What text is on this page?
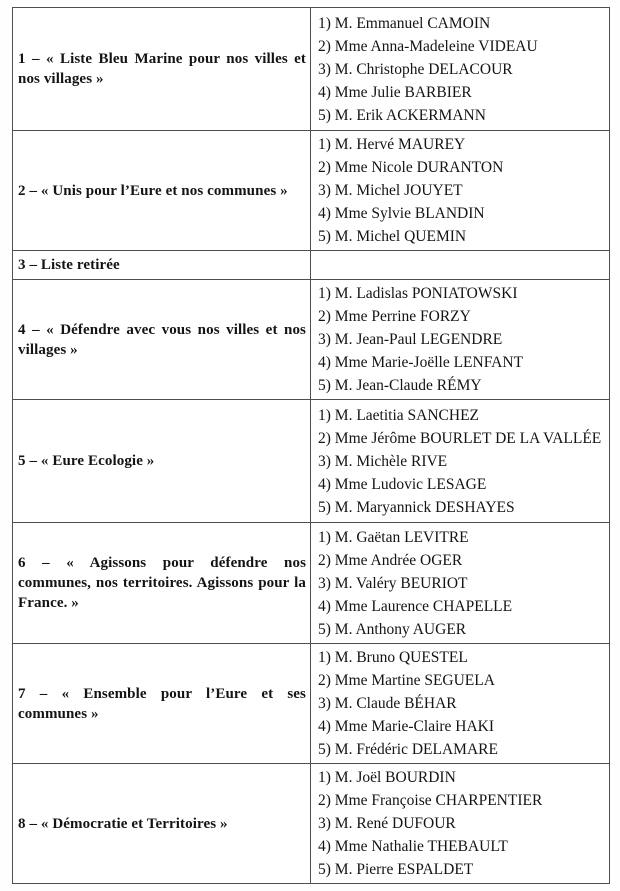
1 – « Liste Bleu Marine pour nos villes et nos villages »
1) M. Emmanuel CAMOIN
2) Mme Anna-Madeleine VIDEAU
3) M. Christophe DELACOUR
4) Mme Julie BARBIER
5) M. Erik ACKERMANN
2 – « Unis pour l’Eure et nos communes »
1) M. Hervé MAUREY
2) Mme Nicole DURANTON
3) M. Michel JOUYET
4) Mme Sylvie BLANDIN
5) M. Michel QUEMIN
3 – Liste retirée
4 – « Défendre avec vous nos villes et nos villages »
1) M. Ladislas PONIATOWSKI
2) Mme Perrine FORZY
3) M. Jean-Paul LEGENDRE
4) Mme Marie-Joëlle LENFANT
5) M. Jean-Claude RÉMY
5 – « Eure Ecologie »
1) M. Laetitia SANCHEZ
2) Mme Jérôme BOURLET DE LA VALLÉE
3) M. Michèle RIVE
4) Mme Ludovic LESAGE
5) M. Maryannick DESHAYES
6 – « Agissons pour défendre nos communes, nos territoires. Agissons pour la France. »
1) M. Gaëtan LEVITRE
2) Mme Andrée OGER
3) M. Valéry BEURIOT
4) Mme Laurence CHAPELLE
5) M. Anthony AUGER
7 – « Ensemble pour l’Eure et ses communes »
1) M. Bruno QUESTEL
2) Mme Martine SEGUELA
3) M. Claude BÉHAR
4) Mme Marie-Claire HAKI
5) M. Frédéric DELAMARE
8 – « Démocratie et Territoires »
1) M. Joël BOURDIN
2) Mme Françoise CHARPENTIER
3) M. René DUFOUR
4) Mme Nathalie THEBAULT
5) M. Pierre ESPALDET
